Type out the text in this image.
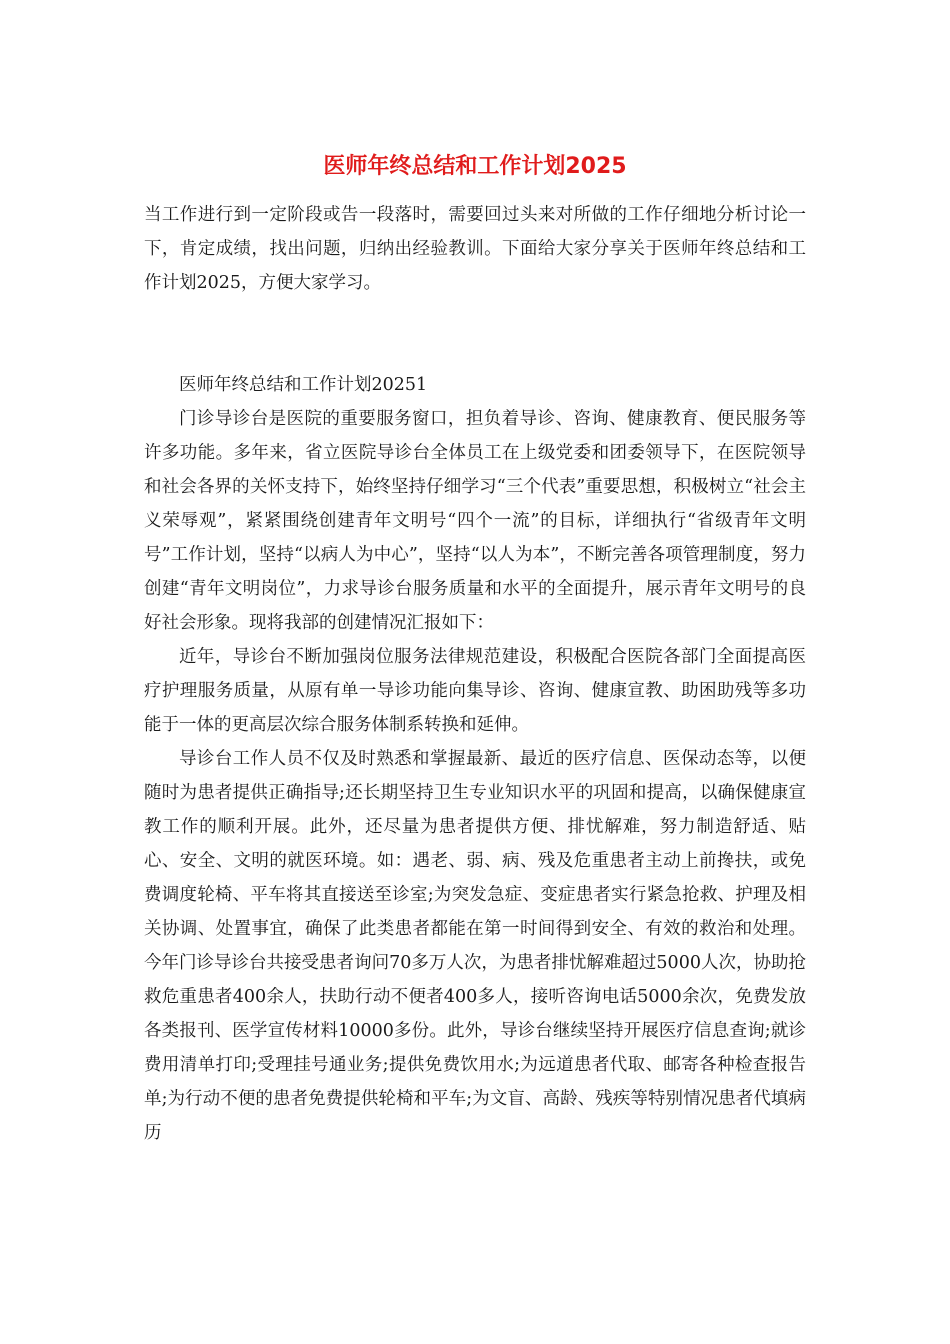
医师年终总结和工作计划2025

当工作进行到一定阶段或告一段落时，需要回过头来对所做的工作仔细地分析讨论一下，肯定成绩，找出问题，归纳出经验教训。下面给大家分享关于医师年终总结和工作计划2025，方便大家学习。

医师年终总结和工作计划20251

门诊导诊台是医院的重要服务窗口，担负着导诊、咨询、健康教育、便民服务等许多功能。多年来，省立医院导诊台全体员工在上级党委和团委领导下，在医院领导和社会各界的关怀支持下，始终坚持仔细学习“三个代表”重要思想，积极树立“社会主义荣辱观”，紧紧围绕创建青年文明号“四个一流”的目标，详细执行“省级青年文明号”工作计划，坚持“以病人为中心”，坚持“以人为本”，不断完善各项管理制度，努力创建“青年文明岗位”，力求导诊台服务质量和水平的全面提升，展示青年文明号的良好社会形象。现将我部的创建情况汇报如下：

近年，导诊台不断加强岗位服务法律规范建设，积极配合医院各部门全面提高医疗护理服务质量，从原有单一导诊功能向集导诊、咨询、健康宣教、助困助残等多功能于一体的更高层次综合服务体制系转换和延伸。

导诊台工作人员不仅及时熟悉和掌握最新、最近的医疗信息、医保动态等，以便随时为患者提供正确指导;还长期坚持卫生专业知识水平的巩固和提高，以确保健康宣教工作的顺利开展。此外，还尽量为患者提供方便、排忧解难，努力制造舒适、贴心、安全、文明的就医环境。如：遇老、弱、病、残及危重患者主动上前搀扶，或免费调度轮椅、平车将其直接送至诊室;为突发急症、变症患者实行紧急抢救、护理及相关协调、处置事宜，确保了此类患者都能在第一时间得到安全、有效的救治和处理。今年门诊导诊台共接受患者询问70多万人次，为患者排忧解难超过5000人次，协助抢救危重患者400余人，扶助行动不便者400多人，接听咨询电话5000余次，免费发放各类报刊、医学宣传材料10000多份。此外，导诊台继续坚持开展医疗信息查询;就诊费用清单打印;受理挂号通业务;提供免费饮用水;为远道患者代取、邮寄各种检查报告单;为行动不便的患者免费提供轮椅和平车;为文盲、高龄、残疾等特别情况患者代填病历
